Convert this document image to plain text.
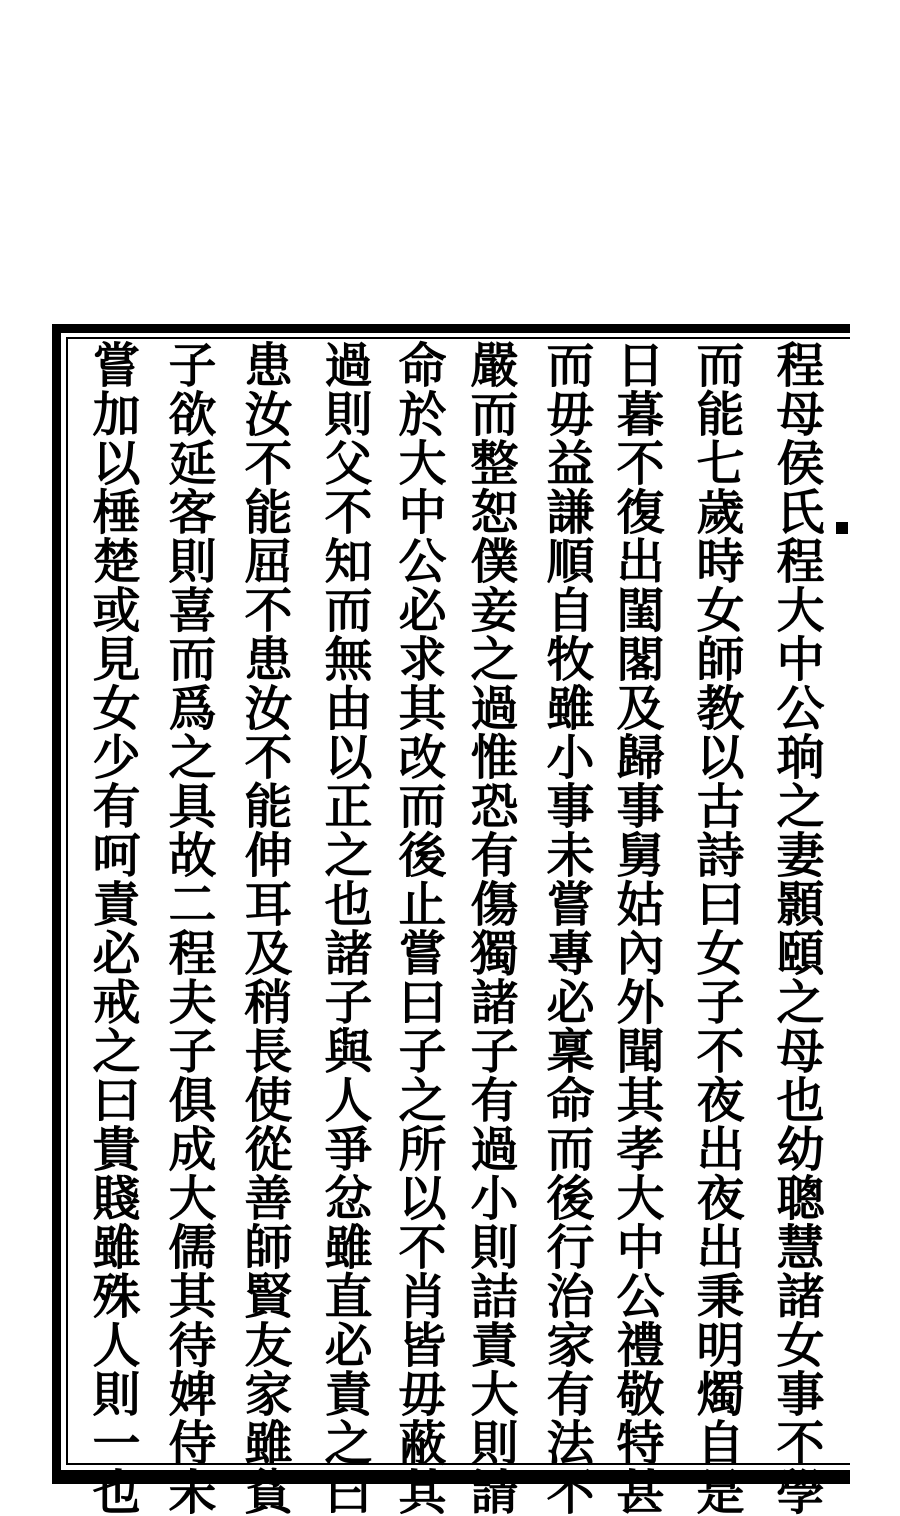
程母侯氏程大中公珦之妻顥頤之母也幼聰慧諸女事不學
而能七歲時女師教以古詩曰女子不夜出夜出秉明燭自是
日暮不復出閨閣及歸事舅姑內外聞其孝大中公禮敬特甚
而毋益謙順自牧雖小事未嘗專必稟命而後行治家有法不
嚴而整恕僕妾之過惟恐有傷獨諸子有過小則詰責大則請
命於大中公必求其改而後止嘗曰子之所以不肖皆毋蔽其
過則父不知而無由以正之也諸子與人爭忿雖直必責之曰
患汝不能屈不患汝不能伸耳及稍長使從善師賢友家雖貧
子欲延客則喜而爲之具故二程夫子俱成大儒其待婢侍未
嘗加以棰楚或見女少有呵責必戒之曰貴賤雖殊人則一也
